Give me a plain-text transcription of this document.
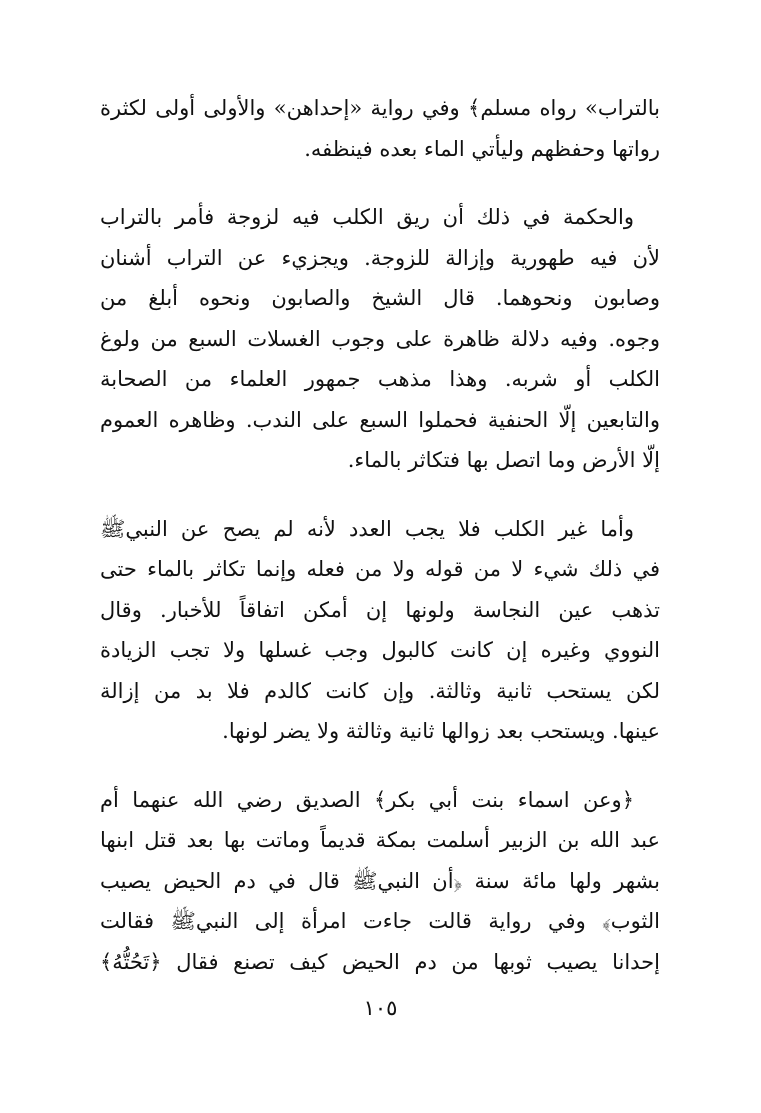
بالتراب» رواه مسلم﴾ وفي رواية «إحداهن» والأولى أولى لكثرة
رواتها وحفظهم وليأتي الماء بعده فينظفه.
والحكمة في ذلك أن ريق الكلب فيه لزوجة فأمر بالتراب
لأن فيه طهورية وإزالة للزوجة. ويجزيء عن التراب أشنان
وصابون ونحوهما. قال الشيخ والصابون ونحوه أبلغ من
وجوه. وفيه دلالة ظاهرة على وجوب الغسلات السبع من ولوغ
الكلب أو شربه. وهذا مذهب جمهور العلماء من الصحابة
والتابعين إلّا الحنفية فحملوا السبع على الندب. وظاهره العموم
إلّا الأرض وما اتصل بها فتكاثر بالماء.
وأما غير الكلب فلا يجب العدد لأنه لم يصح عن النبيﷺ
في ذلك شيء لا من قوله ولا من فعله وإنما تكاثر بالماء حتى
تذهب عين النجاسة ولونها إن أمكن اتفاقاً للأخبار. وقال
النووي وغيره إن كانت كالبول وجب غسلها ولا تجب الزيادة
لكن يستحب ثانية وثالثة. وإن كانت كالدم فلا بد من إزالة
عينها. ويستحب بعد زوالها ثانية وثالثة ولا يضر لونها.
﴿وعن اسماء بنت أبي بكر﴾ الصديق رضي الله عنهما أم
عبد الله بن الزبير أسلمت بمكة قديماً وماتت بها بعد قتل ابنها
بشهر ولها مائة سنة ﴿أن النبيﷺ قال في دم الحيض يصيب
الثوب﴾ وفي رواية قالت جاءت امرأة إلى النبيﷺ فقالت
إحدانا يصيب ثوبها من دم الحيض كيف تصنع فقال ﴿تَحُتُّهُ﴾
١٠٥
